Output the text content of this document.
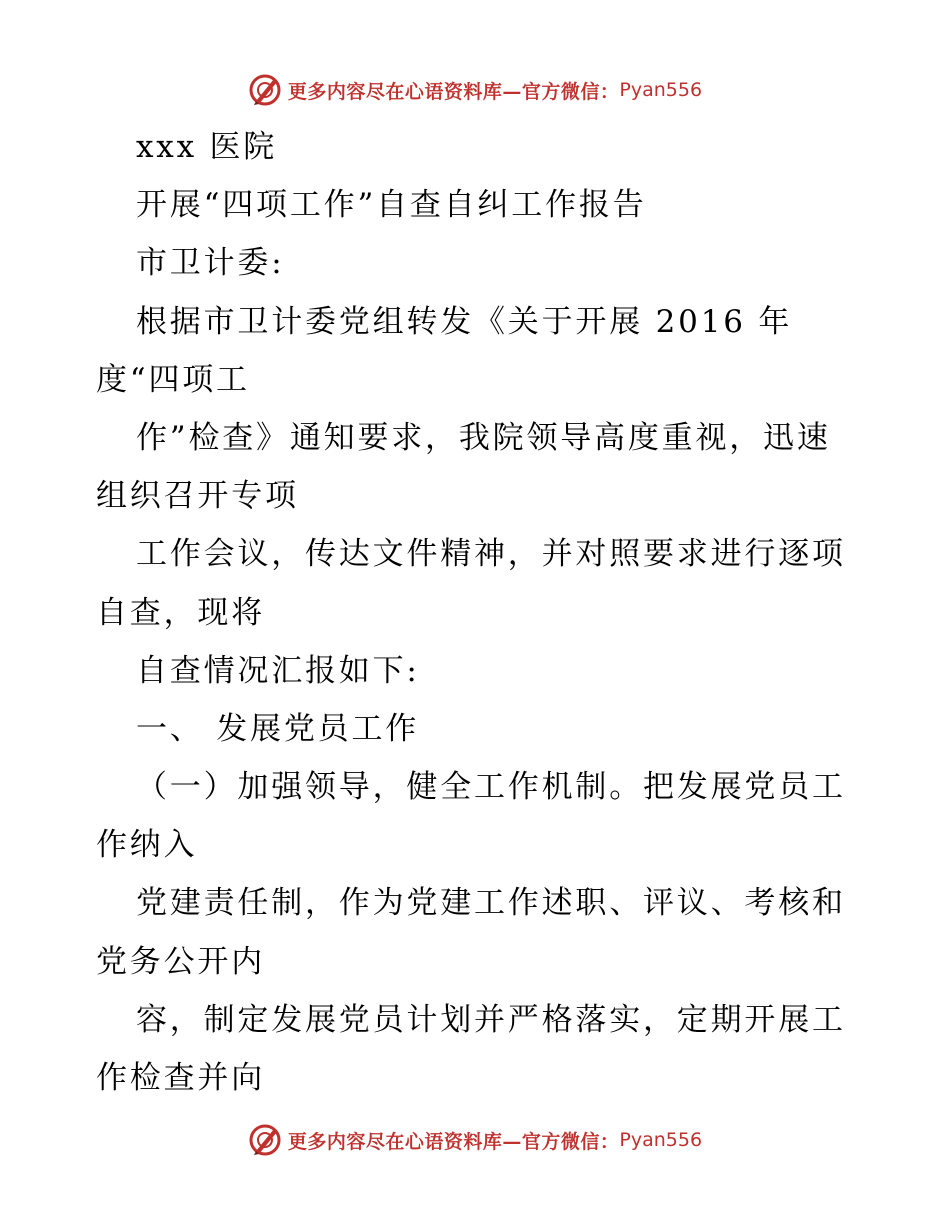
更多内容尽在心语资料库—官方微信： Pyan556
xxx 医院
开展“四项工作”自查自纠工作报告
市卫计委:
根据市卫计委党组转发《关于开展 2016 年
度“四项工
作”检查》通知要求，我院领导高度重视，迅速
组织召开专项
工作会议，传达文件精神，并对照要求进行逐项
自查，现将
自查情况汇报如下:
一、 发展党员工作
（一）加强领导，健全工作机制。把发展党员工
作纳入
党建责任制，作为党建工作述职、评议、考核和
党务公开内
容，制定发展党员计划并严格落实，定期开展工
作检查并向
更多内容尽在心语资料库—官方微信： Pyan556
